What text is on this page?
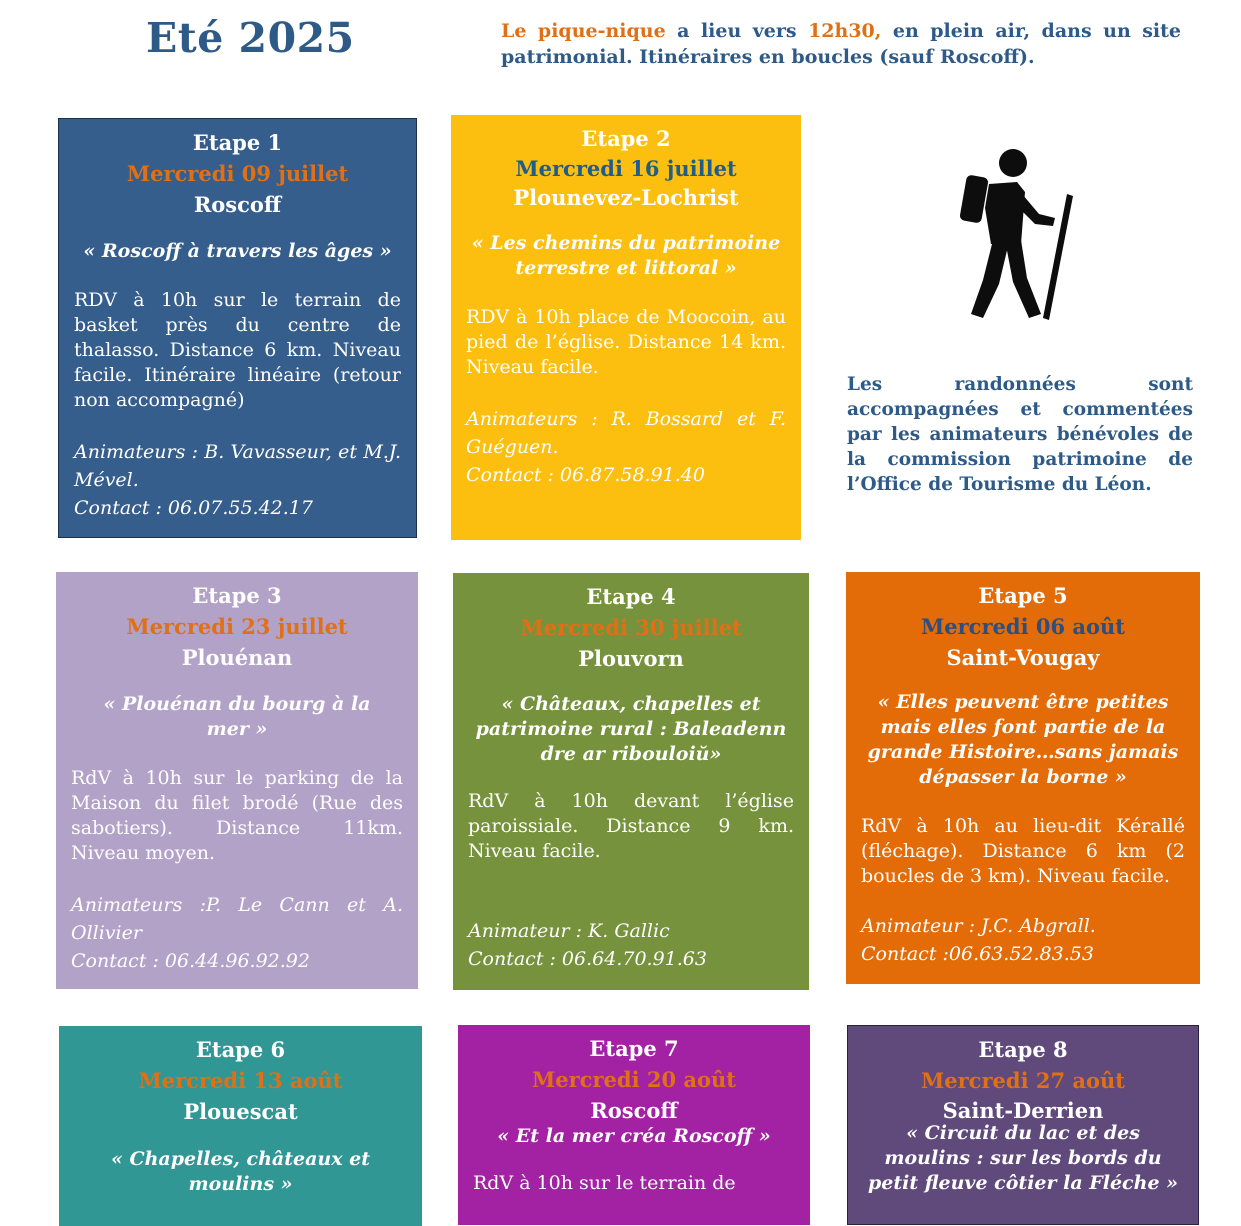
Eté 2025	Le pique-nique a lieu vers 12h30, en plein air, dans un site patrimonial. Itinéraires en boucles (sauf Roscoff).

Etape 1

Mercredi 09 juillet

Roscoff

« Roscoff à travers les âges »

RDV à 10h sur le terrain de basket près du centre de thalasso. Distance 6 km. Niveau facile. Itinéraire linéaire (retour non accompagné)

Animateurs : B. Vavasseur, et M.J. Mével.

Contact : 06.07.55.42.17

Etape 2

Mercredi 16 juillet

Plounevez-Lochrist

« Les chemins du patrimoine terrestre et littoral »

RDV à 10h place de Moocoin, au pied de l’église. Distance 14 km. Niveau facile.

Animateurs : R. Bossard et F. Guéguen.

Contact : 06.87.58.91.40

Les randonnées sont accompagnées et commentées par les animateurs bénévoles de la commission patrimoine de l’Office de Tourisme du Léon.

Etape 3

Mercredi 23 juillet

Plouénan

« Plouénan du bourg à la mer »

RdV à 10h sur le parking de la Maison du filet brodé (Rue des sabotiers). Distance 11km. Niveau moyen.

Animateurs :P. Le Cann et A. Ollivier

Contact : 06.44.96.92.92

Etape 4

Mercredi 30 juillet

Plouvorn

« Châteaux, chapelles et patrimoine rural : Baleadenn dre ar ribouloiŭ»

RdV à 10h devant l’église paroissiale. Distance 9 km. Niveau facile.

Animateur : K. Gallic

Contact : 06.64.70.91.63

Etape 5

Mercredi 06 août

Saint-Vougay

« Elles peuvent être petites mais elles font partie de la grande Histoire…sans jamais dépasser la borne »

RdV à 10h au lieu-dit Kérallé (fléchage). Distance 6 km (2 boucles de 3 km). Niveau facile.

Animateur : J.C. Abgrall.

Contact :06.63.52.83.53

Etape 6

Mercredi 13 août

Plouescat

« Chapelles, châteaux et moulins »

Etape 7

Mercredi 20 août

Roscoff

« Et la mer créa Roscoff »

RdV à 10h sur le terrain de

Etape 8

Mercredi 27 août

Saint-Derrien

« Circuit du lac et des moulins : sur les bords du petit fleuve côtier la Fléche »
